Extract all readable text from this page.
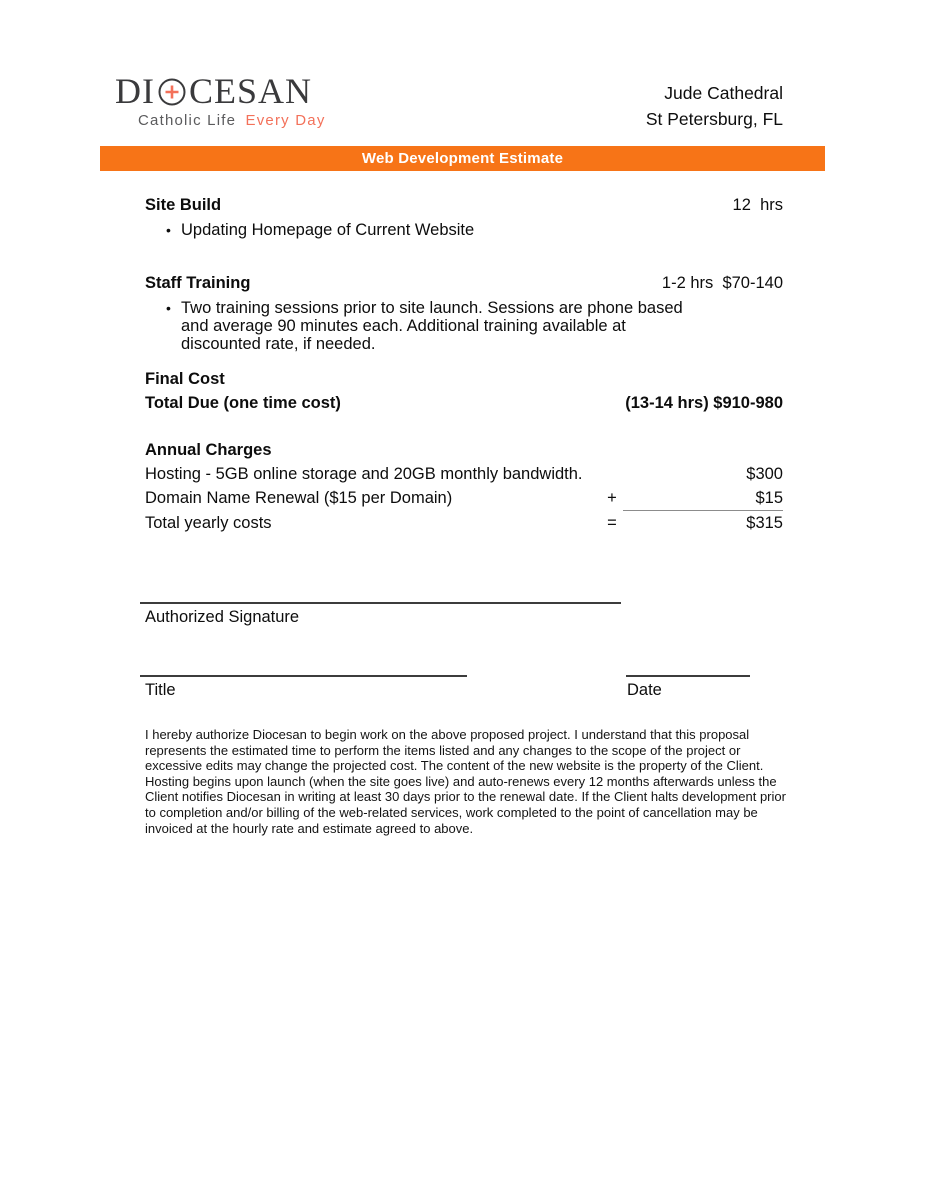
DI CESAN
Catholic Life Every Day
Jude Cathedral
St Petersburg, FL
Web Development Estimate
Site Build	12  hrs
• Updating Homepage of Current Website
Staff Training	1-2 hrs  $70-140
• Two training sessions prior to site launch. Sessions are phone based and average 90 minutes each. Additional training available at discounted rate, if needed.
Final Cost
Total Due (one time cost)	(13-14 hrs) $910-980
Annual Charges
Hosting - 5GB online storage and 20GB monthly bandwidth.	$300
Domain Name Renewal ($15 per Domain)	+	$15
Total yearly costs	=	$315
Authorized Signature
Title	Date
I hereby authorize Diocesan to begin work on the above proposed project. I understand that this proposal represents the estimated time to perform the items listed and any changes to the scope of the project or excessive edits may change the projected cost. The content of the new website is the property of the Client. Hosting begins upon launch (when the site goes live) and auto-renews every 12 months afterwards unless the Client notifies Diocesan in writing at least 30 days prior to the renewal date. If the Client halts development prior to completion and/or billing of the web-related services, work completed to the point of cancellation may be invoiced at the hourly rate and estimate agreed to above.
